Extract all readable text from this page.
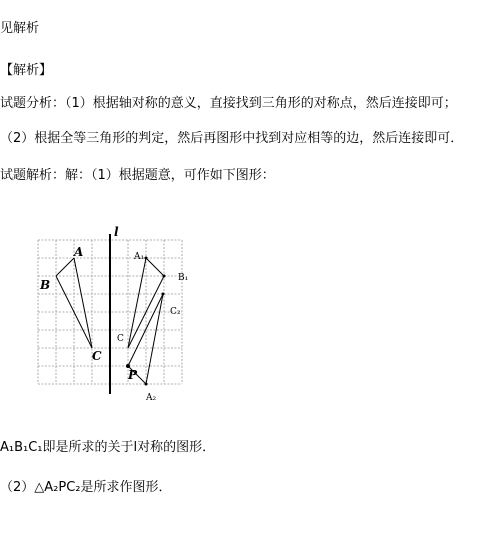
见解析
【解析】
试题分析：（1）根据轴对称的意义，直接找到三角形的对称点，然后连接即可；
（2）根据全等三角形的判定，然后再图形中找到对应相等的边，然后连接即可．
试题解析：解：（1）根据题意，可作如下图形：
l
A
B
C
A₁
B₁
C
C₂
P
A₂
A₁B₁C₁即是所求的关于l对称的图形．
（2）△A₂PC₂是所求作图形．
